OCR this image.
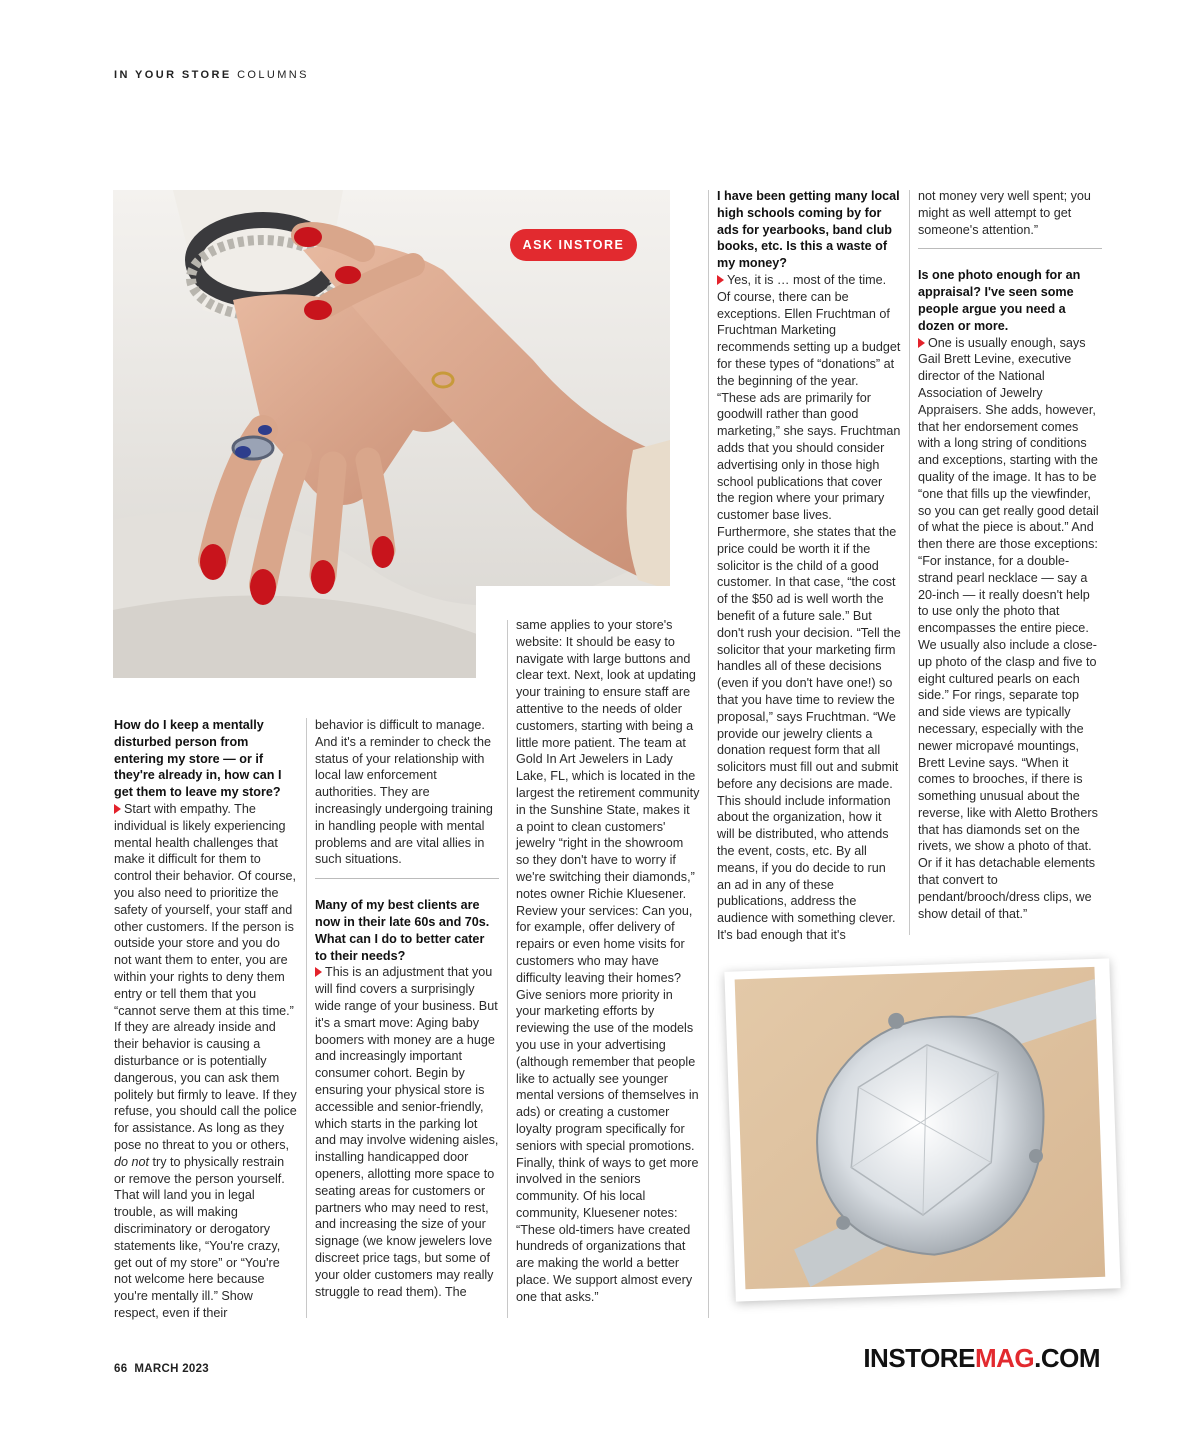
IN YOUR STORE COLUMNS
ASK INSTORE

How do I keep a mentally disturbed person from entering my store — or if they're already in, how can I get them to leave my store?

Start with empathy. The individual is likely experiencing mental health challenges that make it difficult for them to control their behavior. Of course, you also need to prioritize the safety of yourself, your staff and other customers. If the person is outside your store and you do not want them to enter, you are within your rights to deny them entry or tell them that you “cannot serve them at this time.” If they are already inside and their behavior is causing a disturbance or is potentially dangerous, you can ask them politely but firmly to leave. If they refuse, you should call the police for assistance. As long as they pose no threat to you or others, do not try to physically restrain or remove the person yourself. That will land you in legal trouble, as will making discriminatory or derogatory statements like, “You're crazy, get out of my store” or “You're not welcome here because you're mentally ill.” Show respect, even if their

behavior is difficult to manage. And it's a reminder to check the status of your relationship with local law enforcement authorities. They are increasingly undergoing training in handling people with mental problems and are vital allies in such situations.

Many of my best clients are now in their late 60s and 70s. What can I do to better cater to their needs?

This is an adjustment that you will find covers a surprisingly wide range of your business. But it's a smart move: Aging baby boomers with money are a huge and increasingly important consumer cohort. Begin by ensuring your physical store is accessible and senior-friendly, which starts in the parking lot and may involve widening aisles, installing handicapped door openers, allotting more space to seating areas for customers or partners who may need to rest, and increasing the size of your signage (we know jewelers love discreet price tags, but some of your older customers may really struggle to read them). The

same applies to your store's website: It should be easy to navigate with large buttons and clear text. Next, look at updating your training to ensure staff are attentive to the needs of older customers, starting with being a little more patient. The team at Gold In Art Jewelers in Lady Lake, FL, which is located in the largest the retirement community in the Sunshine State, makes it a point to clean customers' jewelry “right in the showroom so they don't have to worry if we're switching their diamonds,” notes owner Richie Kluesener. Review your services: Can you, for example, offer delivery of repairs or even home visits for customers who may have difficulty leaving their homes? Give seniors more priority in your marketing efforts by reviewing the use of the models you use in your advertising (although remember that people like to actually see younger mental versions of themselves in ads) or creating a customer loyalty program specifically for seniors with special promotions. Finally, think of ways to get more involved in the seniors community. Of his local community, Kluesener notes: “These old-timers have created hundreds of organizations that are making the world a better place. We support almost every one that asks.”

I have been getting many local high schools coming by for ads for yearbooks, band club books, etc. Is this a waste of my money?

Yes, it is … most of the time. Of course, there can be exceptions. Ellen Fruchtman of Fruchtman Marketing recommends setting up a budget for these types of “donations” at the beginning of the year. “These ads are primarily for goodwill rather than good marketing,” she says. Fruchtman adds that you should consider advertising only in those high school publications that cover the region where your primary customer base lives. Furthermore, she states that the price could be worth it if the solicitor is the child of a good customer. In that case, “the cost of the $50 ad is well worth the benefit of a future sale.” But don't rush your decision. “Tell the solicitor that your marketing firm handles all of these decisions (even if you don't have one!) so that you have time to review the proposal,” says Fruchtman. “We provide our jewelry clients a donation request form that all solicitors must fill out and submit before any decisions are made. This should include information about the organization, how it will be distributed, who attends the event, costs, etc. By all means, if you do decide to run an ad in any of these publications, address the audience with something clever. It's bad enough that it's

not money very well spent; you might as well attempt to get someone's attention.”

Is one photo enough for an appraisal? I've seen some people argue you need a dozen or more.

One is usually enough, says Gail Brett Levine, executive director of the National Association of Jewelry Appraisers. She adds, however, that her endorsement comes with a long string of conditions and exceptions, starting with the quality of the image. It has to be “one that fills up the viewfinder, so you can get really good detail of what the piece is about.” And then there are those exceptions: “For instance, for a double-strand pearl necklace — say a 20-inch — it really doesn't help to use only the photo that encompasses the entire piece. We usually also include a close-up photo of the clasp and five to eight cultured pearls on each side.” For rings, separate top and side views are typically necessary, especially with the newer micropavé mountings, Brett Levine says. “When it comes to brooches, if there is something unusual about the reverse, like with Aletto Brothers that has diamonds set on the rivets, we show a photo of that. Or if it has detachable elements that convert to pendant/brooch/dress clips, we show detail of that.”

66 MARCH 2023	INSTOREMAG.COM
